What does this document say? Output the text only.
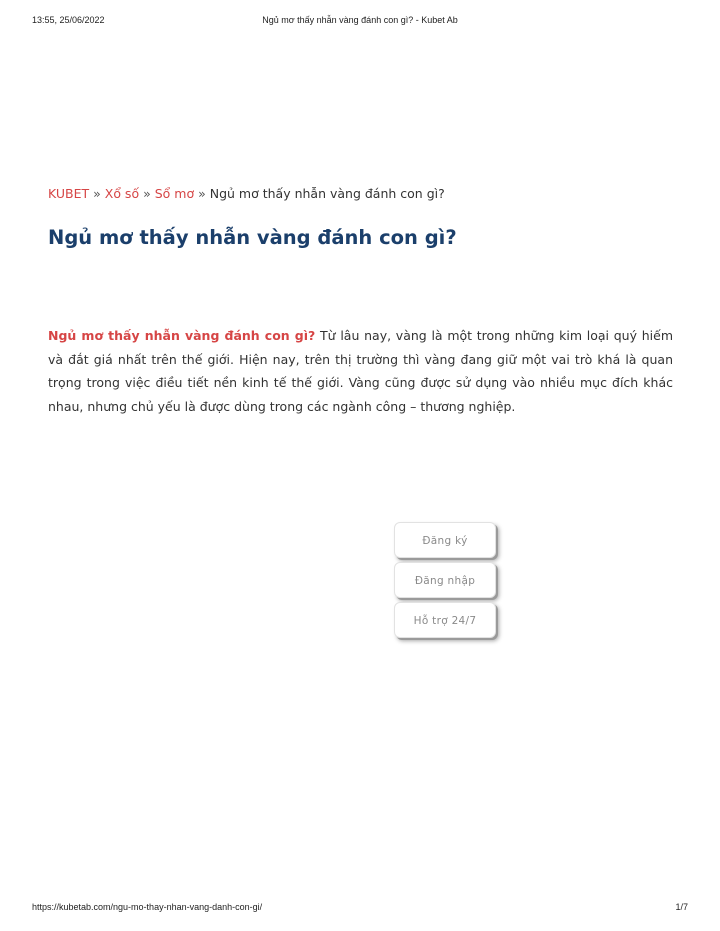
Ngủ mơ thấy nhẫn vàng đánh con gì? - Kubet Ab
13:55, 25/06/2022
KUBET » Xổ số » Sổ mơ » Ngủ mơ thấy nhẫn vàng đánh con gì?
Ngủ mơ thấy nhẫn vàng đánh con gì?

Ngủ mơ thấy nhẫn vàng đánh con gì? Từ lâu nay, vàng là một trong những kim loại quý hiếm và đắt giá nhất trên thế giới. Hiện nay, trên thị trường thì vàng đang giữ một vai trò khá là quan trọng trong việc điều tiết nền kinh tế thế giới. Vàng cũng được sử dụng vào nhiều mục đích khác nhau, nhưng chủ yếu là được dùng trong các ngành công – thương nghiệp.

Đăng ký
Đăng nhập
Hỗ trợ 24/7
https://kubetab.com/ngu-mo-thay-nhan-vang-danh-con-gi/	1/7
